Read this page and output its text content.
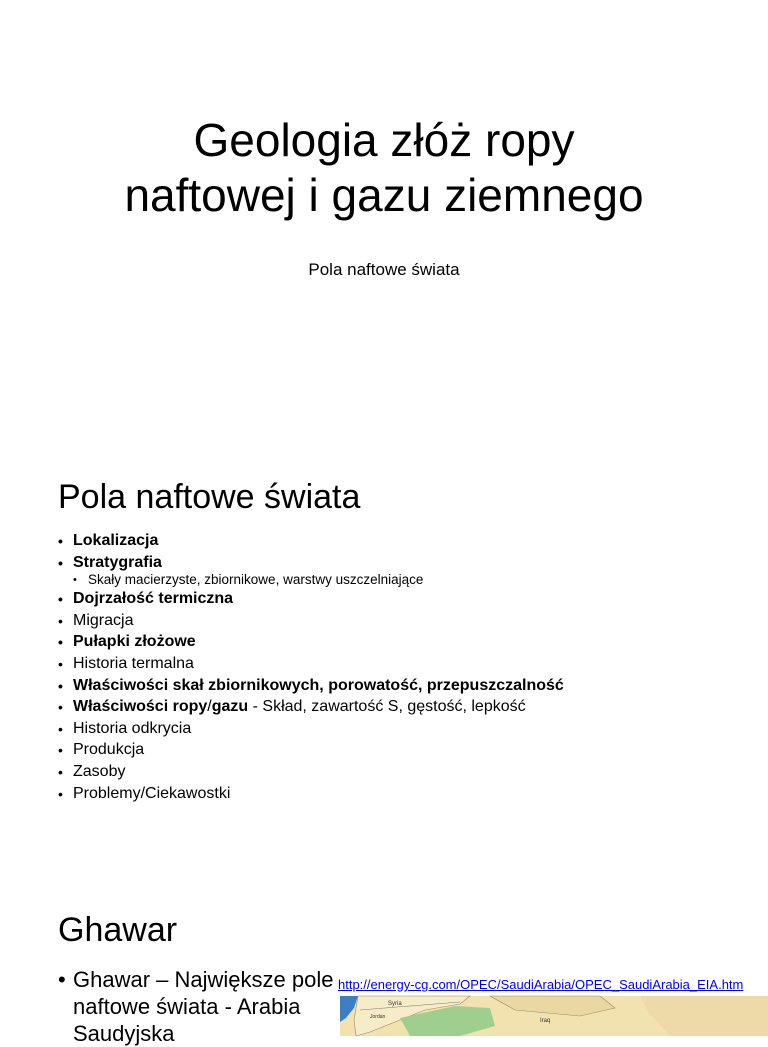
Geologia złóż ropy
naftowej i gazu ziemnego

Pola naftowe świata

Pola naftowe świata
• Lokalizacja
• Stratygrafia
• Skały macierzyste, zbiornikowe, warstwy uszczelniające
• Dojrzałość termiczna
• Migracja
• Pułapki złożowe
• Historia termalna
• Właściwości skał zbiornikowych, porowatość, przepuszczalność
• Właściwości ropy/gazu - Skład, zawartość S, gęstość, lepkość
• Historia odkrycia
• Produkcja
• Zasoby
• Problemy/Ciekawostki
Ghawar
• Ghawar – Największe pole naftowe świata - Arabia Saudyjska
http://energy-cg.com/OPEC/SaudiArabia/OPEC_SaudiArabia_EIA.htm
Syria
Iraq
Jordan
